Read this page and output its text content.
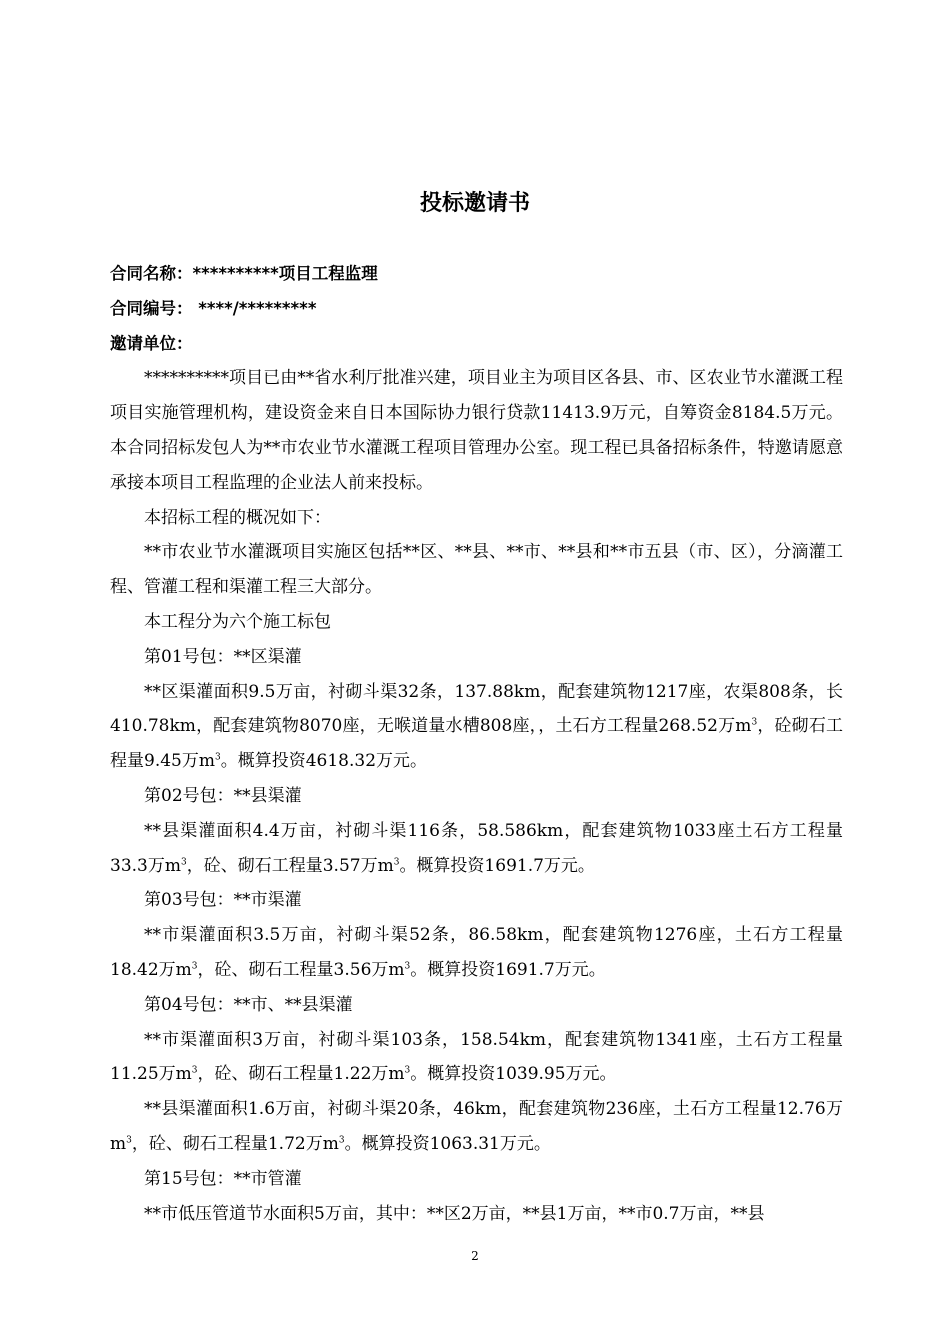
投标邀请书

合同名称：**********项目工程监理

合同编号： ****/*********

邀请单位：

**********项目已由**省水利厅批准兴建，项目业主为项目区各县、市、区农业节水灌溉工程项目实施管理机构，建设资金来自日本国际协力银行贷款11413.9万元，自筹资金8184.5万元。本合同招标发包人为**市农业节水灌溉工程项目管理办公室。现工程已具备招标条件，特邀请愿意承接本项目工程监理的企业法人前来投标。

本招标工程的概况如下：

**市农业节水灌溉项目实施区包括**区、**县、**市、**县和**市五县（市、区），分滴灌工程、管灌工程和渠灌工程三大部分。

本工程分为六个施工标包

第01号包：**区渠灌

**区渠灌面积9.5万亩，衬砌斗渠32条，137.88km，配套建筑物1217座，农渠808条，长410.78km，配套建筑物8070座，无喉道量水槽808座，，土石方工程量268.52万$m^3$，砼砌石工程量9.45万$m^3$。概算投资4618.32万元。

第02号包：**县渠灌

**县渠灌面积4.4万亩，衬砌斗渠116条，58.586km，配套建筑物1033座土石方工程量33.3万$m^3$，砼、砌石工程量3.57万$m^3$。概算投资1691.7万元。

第03号包：**市渠灌

**市渠灌面积3.5万亩，衬砌斗渠52条，86.58km，配套建筑物1276座，土石方工程量18.42万$m^3$，砼、砌石工程量3.56万$m^3$。概算投资1691.7万元。

第04号包：**市、**县渠灌

**市渠灌面积3万亩，衬砌斗渠103条，158.54km，配套建筑物1341座，土石方工程量11.25万$m^3$，砼、砌石工程量1.22万$m^3$。概算投资1039.95万元。

**县渠灌面积1.6万亩，衬砌斗渠20条，46km，配套建筑物236座，土石方工程量12.76万$m^3$，砼、砌石工程量1.72万$m^3$。概算投资1063.31万元。

第15号包：**市管灌

**市低压管道节水面积5万亩，其中：**区2万亩，**县1万亩，**市0.7万亩，**县

2
